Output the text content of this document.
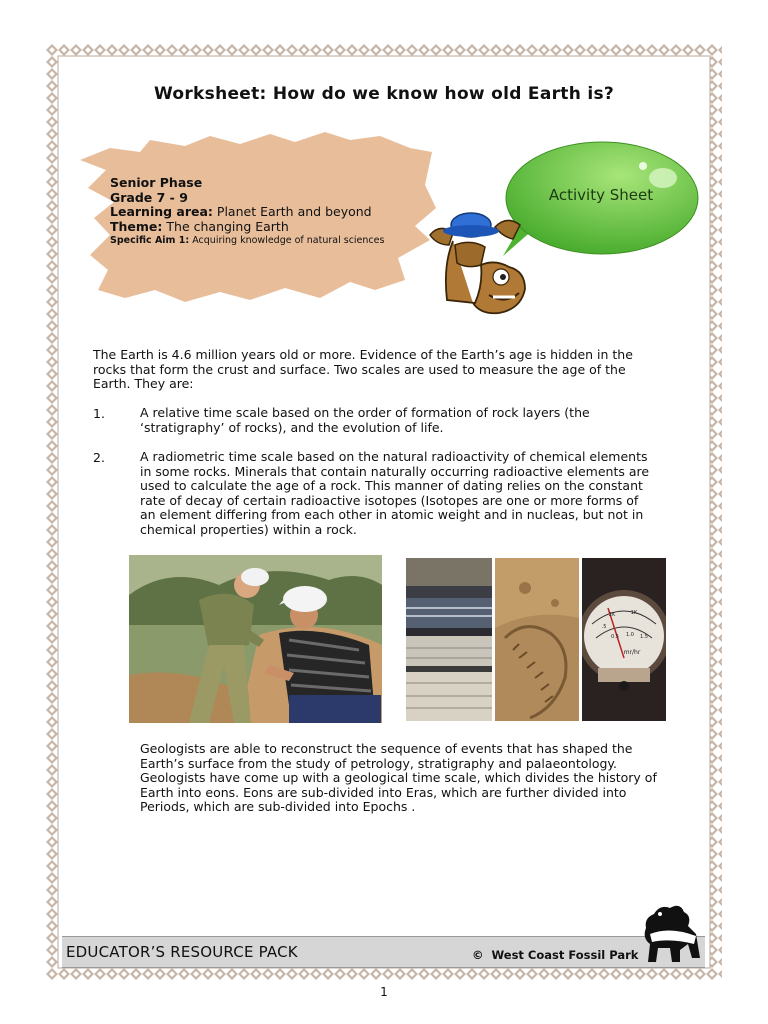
Worksheet: How do we know how old Earth is?
Senior Phase
Grade 7 - 9
Learning area: Planet Earth and beyond
Theme: The changing Earth
Specific Aim 1: Acquiring knowledge of natural sciences
Activity Sheet
The Earth is 4.6 million years old or more. Evidence of the Earth’s age is hidden in the
rocks that form the crust and surface. Two scales are used to measure the age of the
Earth. They are:
1.	A relative time scale based on the order of formation of rock layers (the
‘stratigraphy’ of rocks), and the evolution of life.
2.	A radiometric time scale based on the natural radioactivity of chemical elements
in some rocks. Minerals that contain naturally occurring radioactive elements are
used to calculate the age of a rock. This manner of dating relies on the constant
rate of decay of certain radioactive isotopes (Isotopes are one or more forms of
an element differing from each other in atomic weight and in nucleas, but not in
chemical properties) within a rock.
CPM
2K	1K
.5
0.5 1.0 1.5
mr/hr
Geologists are able to reconstruct the sequence of events that has shaped the
Earth’s surface from the study of petrology, stratigraphy and palaeontology.
Geologists have come up with a geological time scale, which divides the history of
Earth into eons. Eons are sub-divided into Eras, which are further divided into
Periods, which are sub-divided into Epochs .
EDUCATOR’S RESOURCE PACK	© West Coast Fossil Park
1
